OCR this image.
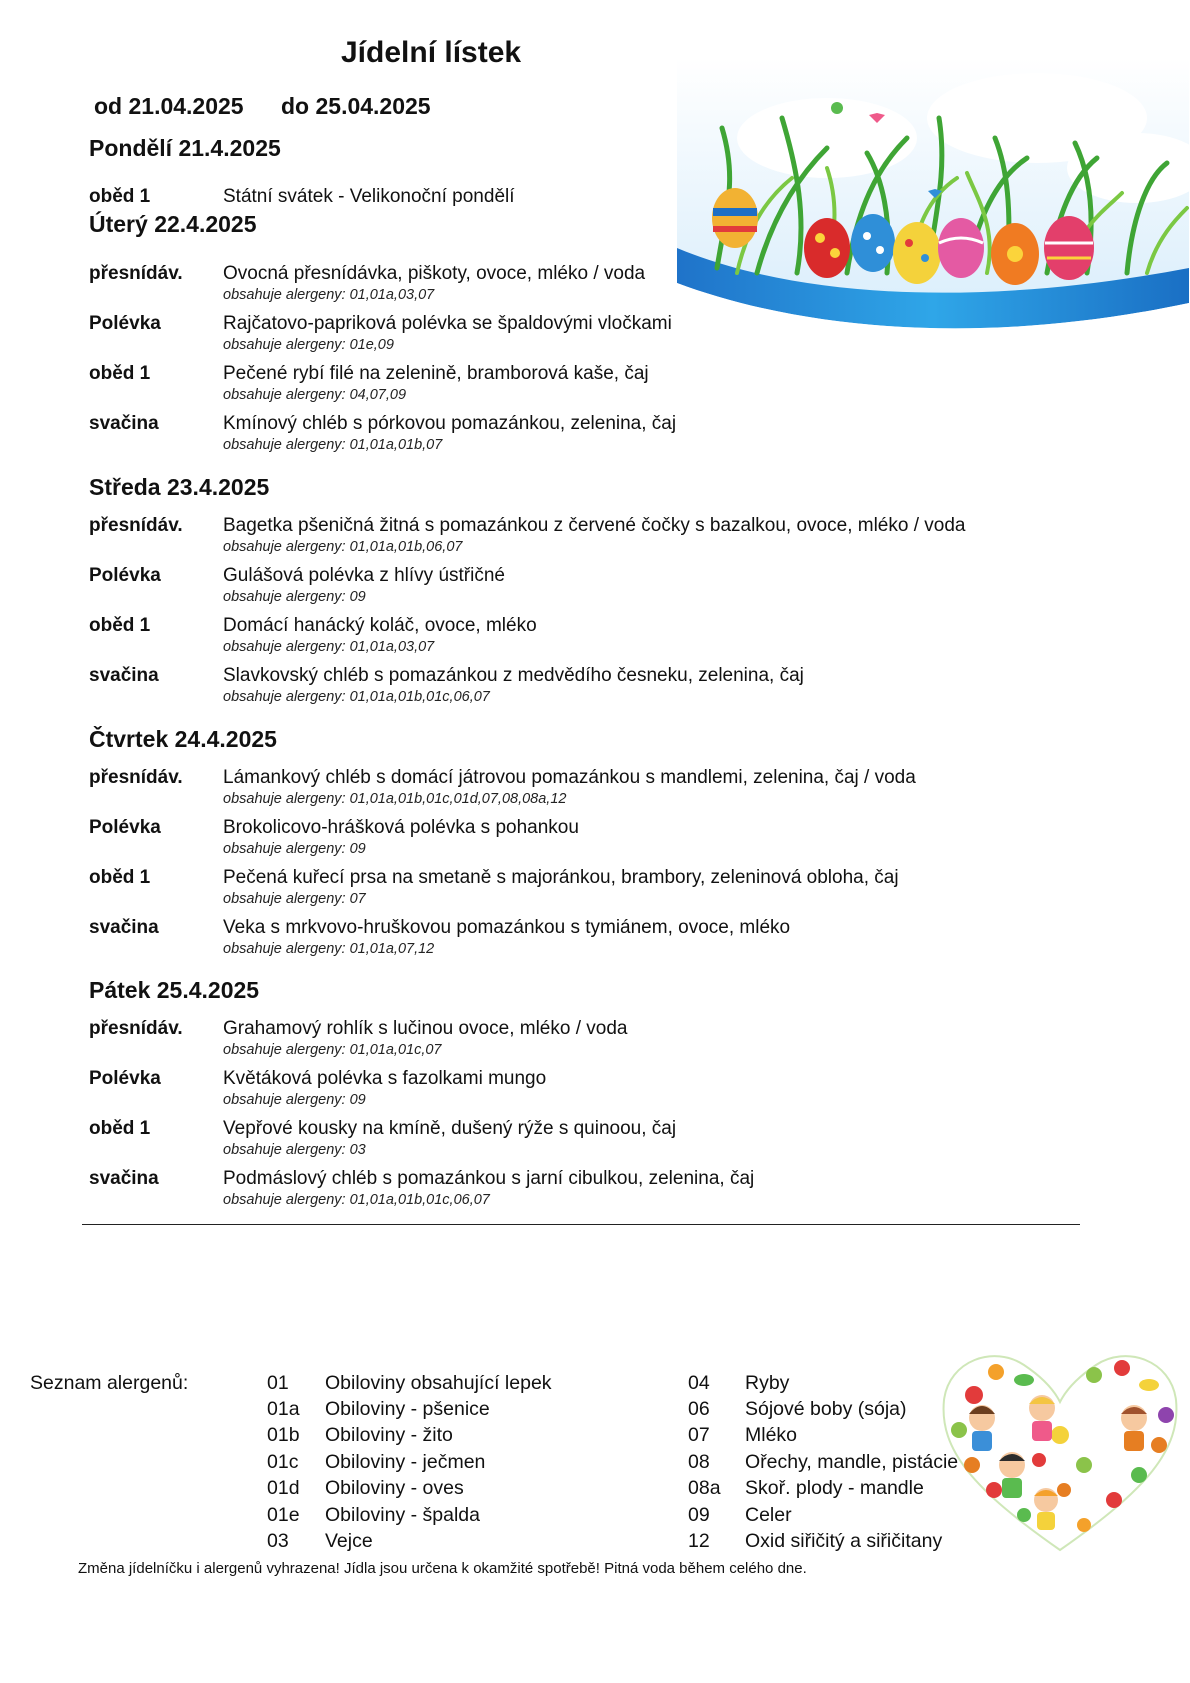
Jídelní lístek
od 21.04.2025 do 25.04.2025
Pondělí 21.4.2025
oběd 1	Státní svátek - Velikonoční pondělí
Úterý 22.4.2025
přesnídáv. Ovocná přesnídávka, piškoty, ovoce, mléko / voda
obsahuje alergeny: 01,01a,03,07
Polévka	Rajčatovo-papriková polévka se špaldovými vločkami
obsahuje alergeny: 01e,09
oběd 1	Pečené rybí filé na zelenině, bramborová kaše, čaj
obsahuje alergeny: 04,07,09
svačina	Kmínový chléb s pórkovou pomazánkou, zelenina, čaj
obsahuje alergeny: 01,01a,01b,07
Středa 23.4.2025
přesnídáv. Bagetka pšeničná žitná s pomazánkou z červené čočky s bazalkou, ovoce, mléko / voda
obsahuje alergeny: 01,01a,01b,06,07
Polévka	Gulášová polévka z hlívy ústřičné
obsahuje alergeny: 09
oběd 1	Domácí hanácký koláč, ovoce, mléko
obsahuje alergeny: 01,01a,03,07
svačina	Slavkovský chléb s pomazánkou z medvědího česneku, zelenina, čaj
obsahuje alergeny: 01,01a,01b,01c,06,07
Čtvrtek 24.4.2025
přesnídáv. Lámankový chléb s domácí játrovou pomazánkou s mandlemi, zelenina, čaj / voda
obsahuje alergeny: 01,01a,01b,01c,01d,07,08,08a,12
Polévka	Brokolicovo-hrášková polévka s pohankou
obsahuje alergeny: 09
oběd 1	Pečená kuřecí prsa na smetaně s majoránkou, brambory, zeleninová obloha, čaj
obsahuje alergeny: 07
svačina	Veka s mrkvovo-hruškovou pomazánkou s tymiánem, ovoce, mléko
obsahuje alergeny: 01,01a,07,12
Pátek 25.4.2025
přesnídáv. Grahamový rohlík s lučinou ovoce, mléko / voda
obsahuje alergeny: 01,01a,01c,07
Polévka	Květáková polévka s fazolkami mungo
obsahuje alergeny: 09
oběd 1	Vepřové kousky na kmíně, dušený rýže s quinoou, čaj
obsahuje alergeny: 03
svačina	Podmáslový chléb s pomazánkou s jarní cibulkou, zelenina, čaj
obsahuje alergeny: 01,01a,01b,01c,06,07
Seznam alergenů:	01 Obiloviny obsahující lepek
01a Obiloviny - pšenice
01b Obiloviny - žito
01c Obiloviny - ječmen
01d Obiloviny - oves
01e Obiloviny - špalda
03 Vejce
04 Ryby
06 Sójové boby (sója)
07 Mléko
08 Ořechy, mandle, pistácie
08a Skoř. plody - mandle
09 Celer
12 Oxid siřičitý a siřičitany
Změna jídelníčku i alergenů vyhrazena! Jídla jsou určena k okamžité spotřebě! Pitná voda během celého dne.
